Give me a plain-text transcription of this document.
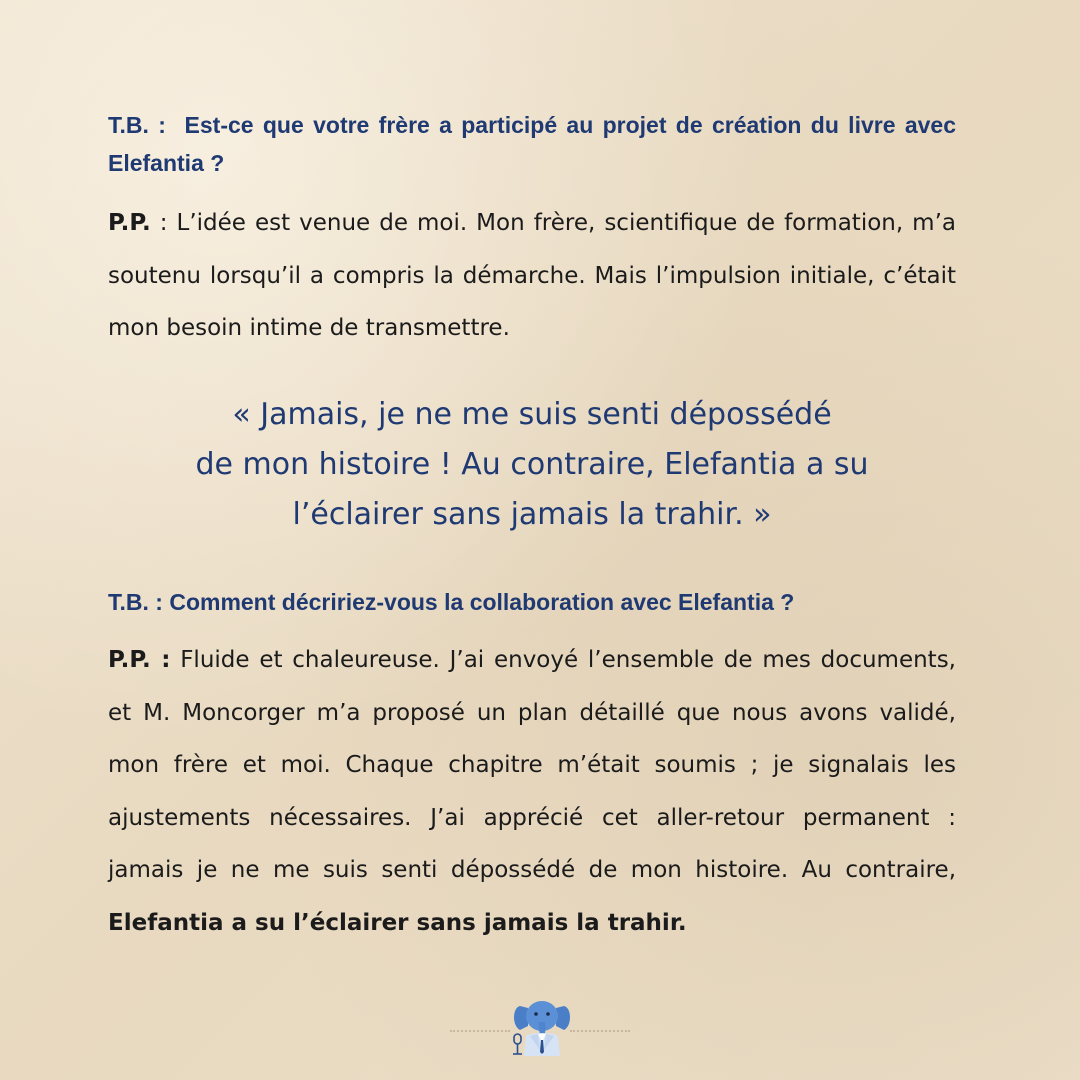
T.B. : Est-ce que votre frère a participé au projet de création du livre avec Elefantia ?

P.P. : L’idée est venue de moi. Mon frère, scientifique de formation, m’a soutenu lorsqu’il a compris la démarche. Mais l’impulsion initiale, c’était mon besoin intime de transmettre.

« Jamais, je ne me suis senti dépossédé
de mon histoire ! Au contraire, Elefantia a su
l’éclairer sans jamais la trahir. »

T.B. : Comment décririez-vous la collaboration avec Elefantia ?

P.P. : Fluide et chaleureuse. J’ai envoyé l’ensemble de mes documents, et M. Moncorger m’a proposé un plan détaillé que nous avons validé, mon frère et moi. Chaque chapitre m’était soumis ; je signalais les ajustements nécessaires. J’ai apprécié cet aller-retour permanent : jamais je ne me suis senti dépossédé de mon histoire. Au contraire, Elefantia a su l’éclairer sans jamais la trahir.
